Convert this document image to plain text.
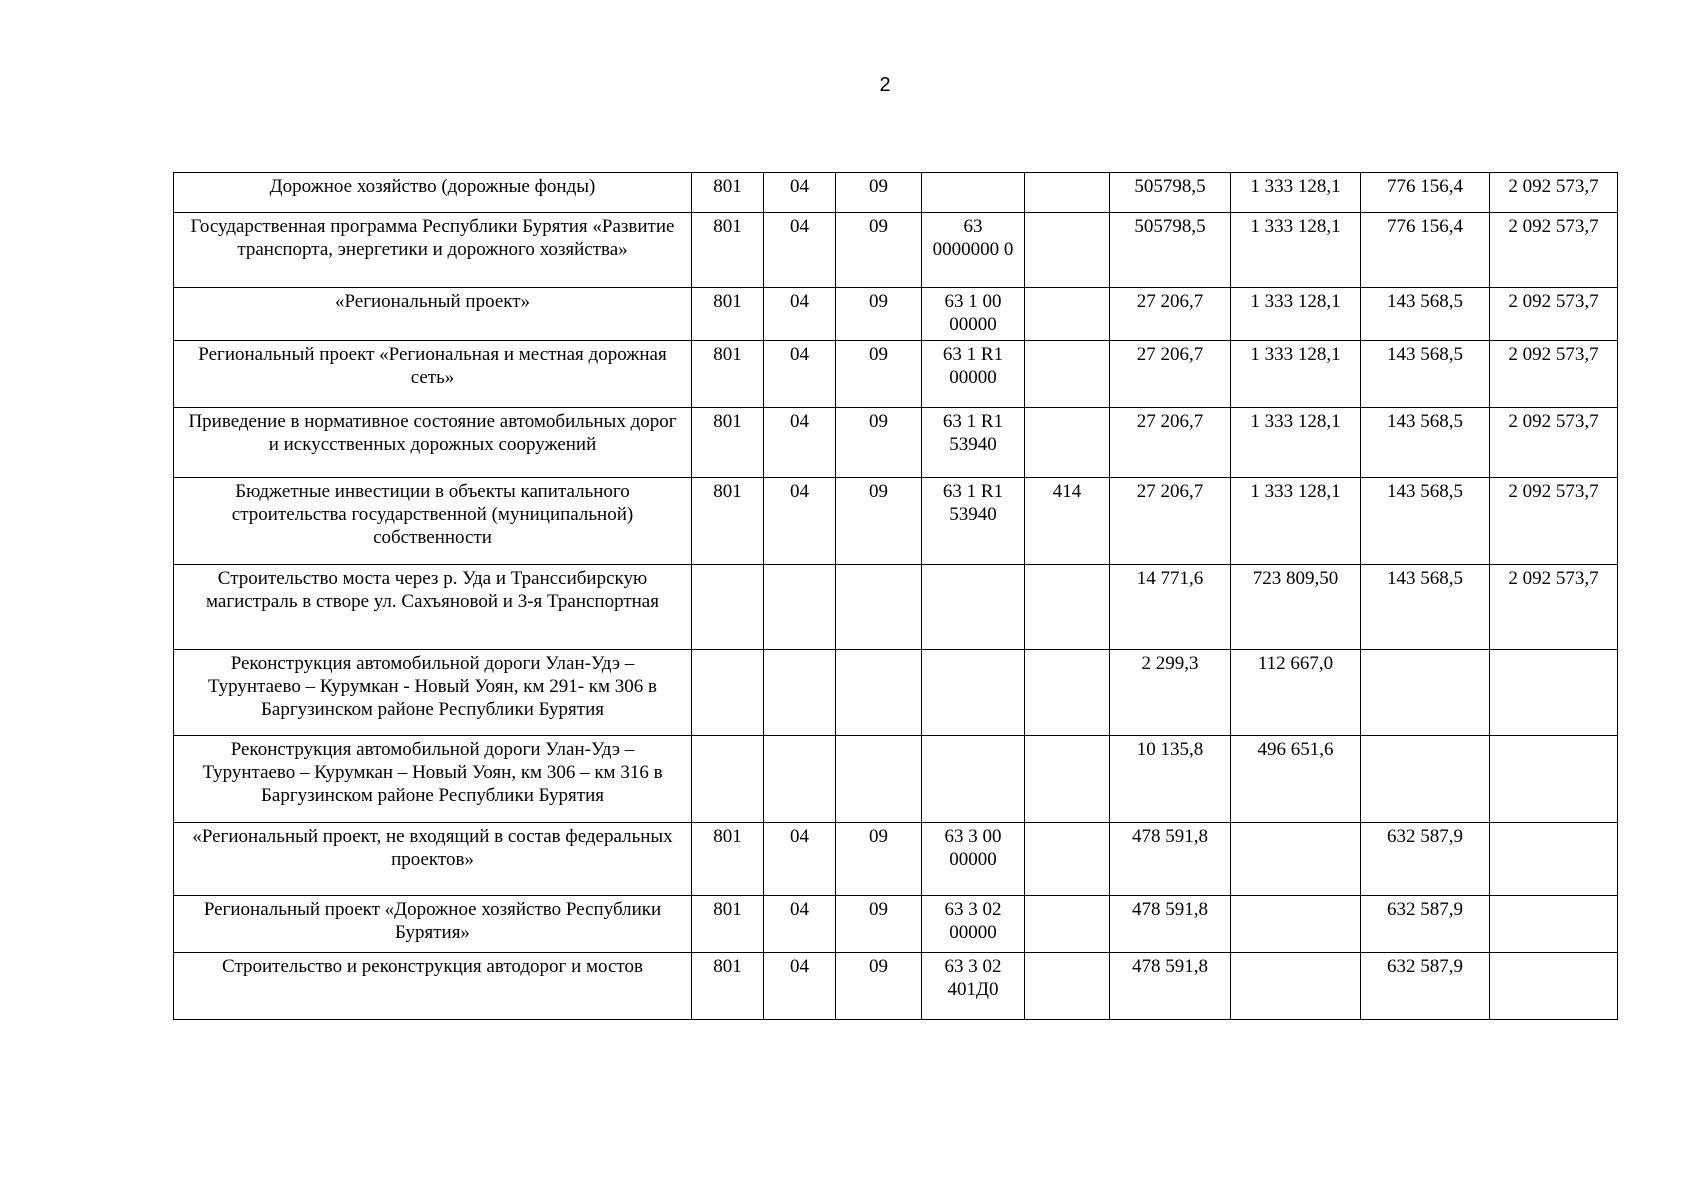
2
Дорожное хозяйство (дорожные фонды)	801	04	09			505798,5	1 333 128,1	776 156,4	2 092 573,7
Государственная программа Республики Бурятия «Развитие транспорта, энергетики и дорожного хозяйства»	801	04	09	63 0000000 0		505798,5	1 333 128,1	776 156,4	2 092 573,7
«Региональный проект»	801	04	09	63 1 00 00000		27 206,7	1 333 128,1	143 568,5	2 092 573,7
Региональный проект «Региональная и местная дорожная сеть»	801	04	09	63 1 R1 00000		27 206,7	1 333 128,1	143 568,5	2 092 573,7
Приведение в нормативное состояние автомобильных дорог и искусственных дорожных сооружений	801	04	09	63 1 R1 53940		27 206,7	1 333 128,1	143 568,5	2 092 573,7
Бюджетные инвестиции в объекты капитального строительства государственной (муниципальной) собственности	801	04	09	63 1 R1 53940	414	27 206,7	1 333 128,1	143 568,5	2 092 573,7
Строительство моста через р. Уда и Транссибирскую магистраль в створе ул. Сахъяновой и 3-я Транспортная						14 771,6	723 809,50	143 568,5	2 092 573,7
Реконструкция автомобильной дороги Улан-Удэ – Турунтаево – Курумкан - Новый Уоян, км 291- км 306 в Баргузинском районе Республики Бурятия						2 299,3	112 667,0		
Реконструкция автомобильной дороги Улан-Удэ – Турунтаево – Курумкан – Новый Уоян, км 306 – км 316 в Баргузинском районе Республики Бурятия						10 135,8	496 651,6		
«Региональный проект, не входящий в состав федеральных проектов»	801	04	09	63 3 00 00000		478 591,8		632 587,9	
Региональный проект «Дорожное хозяйство Республики Бурятия»	801	04	09	63 3 02 00000		478 591,8		632 587,9	
Строительство и реконструкция автодорог и мостов	801	04	09	63 3 02 401Д0		478 591,8		632 587,9	
